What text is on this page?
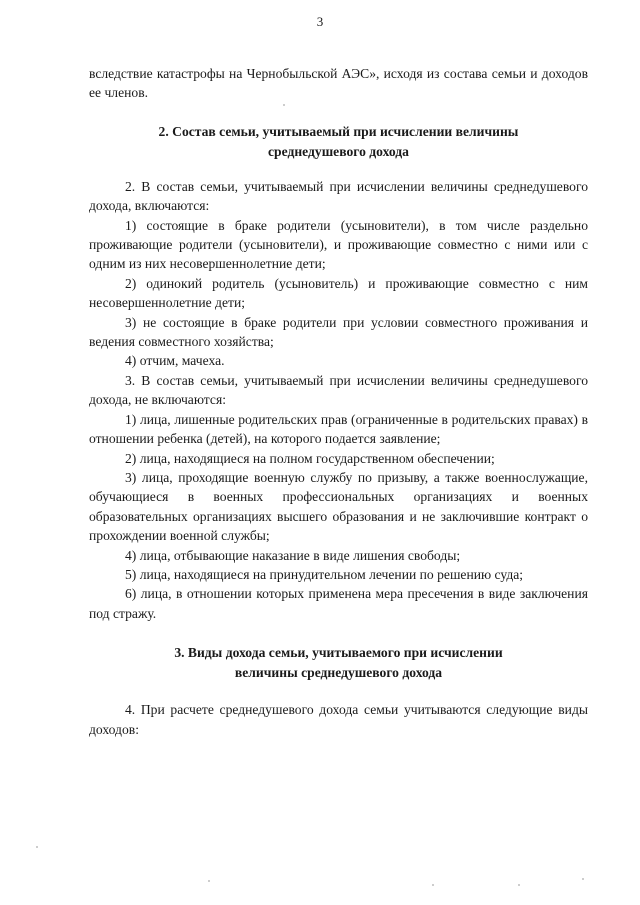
3

вследствие катастрофы на Чернобыльской АЭС», исходя из состава семьи и доходов ее членов.

2. Состав семьи, учитываемый при исчислении величины
среднедушевого дохода

2. В состав семьи, учитываемый при исчислении величины среднедушевого дохода, включаются:

1) состоящие в браке родители (усыновители), в том числе раздельно проживающие родители (усыновители), и проживающие совместно с ними или с одним из них несовершеннолетние дети;

2) одинокий родитель (усыновитель) и проживающие совместно с ним несовершеннолетние дети;

3) не состоящие в браке родители при условии совместного проживания и ведения совместного хозяйства;

4) отчим, мачеха.

3. В состав семьи, учитываемый при исчислении величины среднедушевого дохода, не включаются:

1) лица, лишенные родительских прав (ограниченные в родительских правах) в отношении ребенка (детей), на которого подается заявление;

2) лица, находящиеся на полном государственном обеспечении;

3) лица, проходящие военную службу по призыву, а также военнослужащие, обучающиеся в военных профессиональных организациях и военных образовательных организациях высшего образования и не заключившие контракт о прохождении военной службы;

4) лица, отбывающие наказание в виде лишения свободы;

5) лица, находящиеся на принудительном лечении по решению суда;

6) лица, в отношении которых применена мера пресечения в виде заключения под стражу.

3. Виды дохода семьи, учитываемого при исчислении
величины среднедушевого дохода

4. При расчете среднедушевого дохода семьи учитываются следующие виды доходов:
